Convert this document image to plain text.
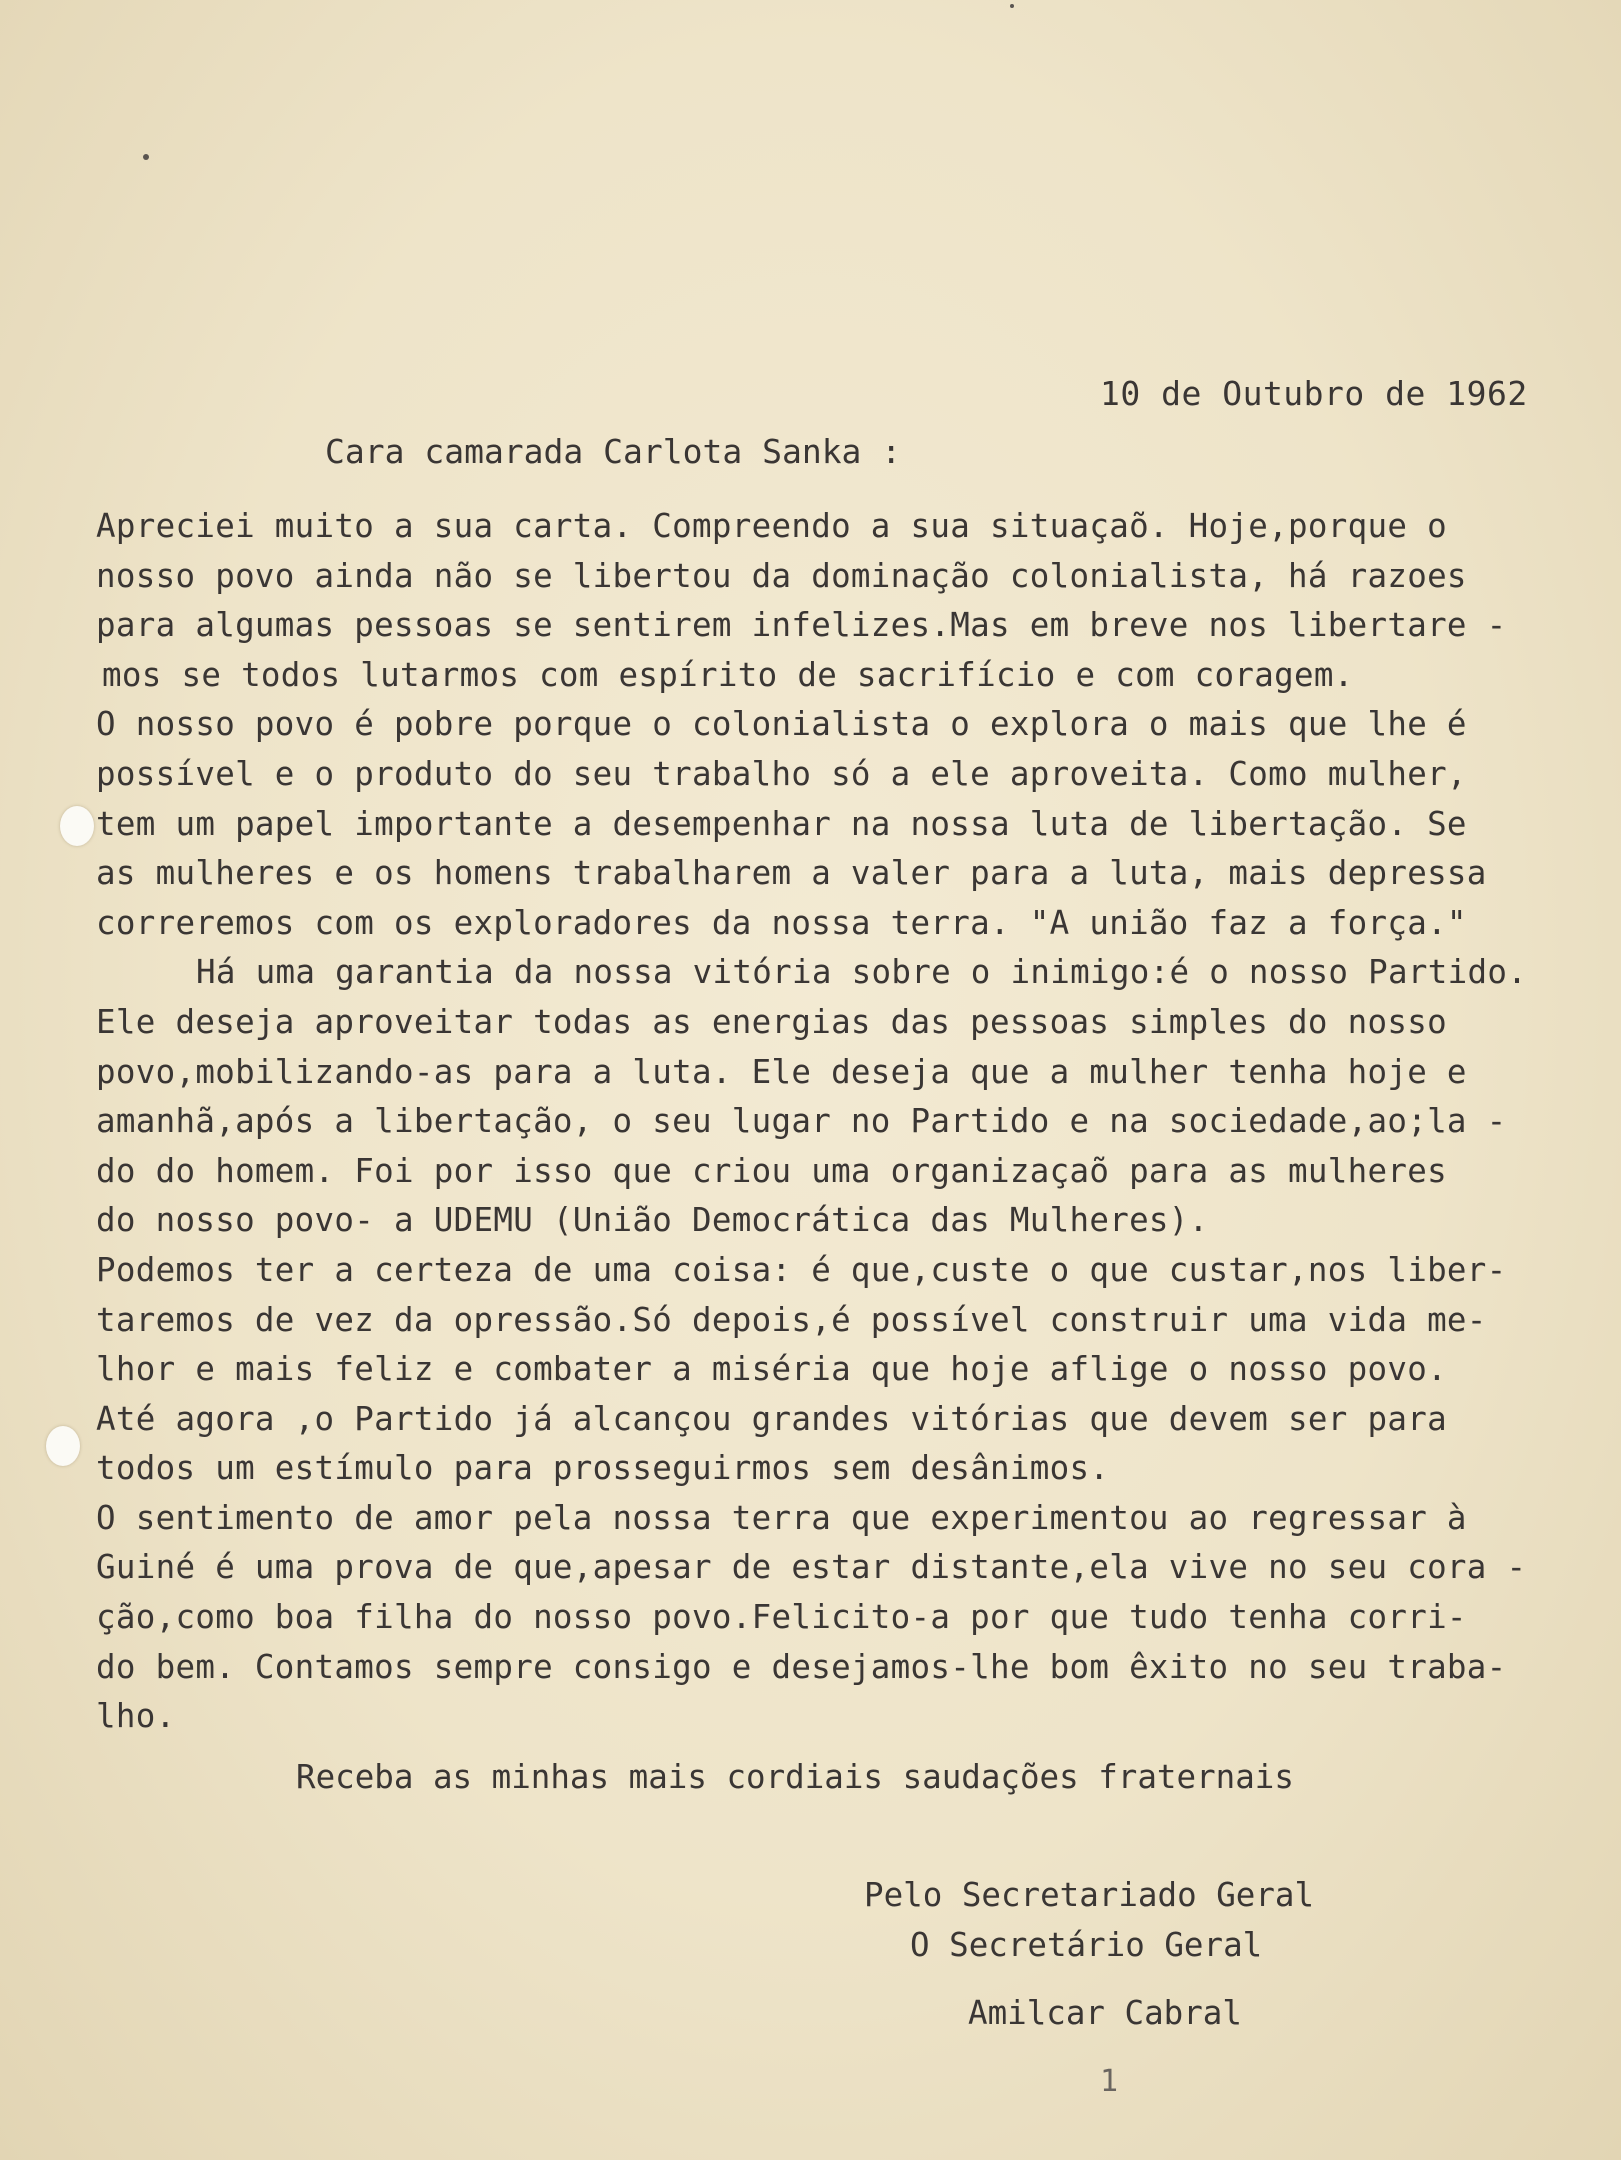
10 de Outubro de 1962
Cara camarada Carlota Sanka :
Apreciei muito a sua carta. Compreendo a sua situaçaõ. Hoje,porque o
nosso povo ainda não se libertou da dominação colonialista, há razoes
para algumas pessoas se sentirem infelizes.Mas em breve nos libertare -
mos se todos lutarmos com espírito de sacrifício e com coragem.
O nosso povo é pobre porque o colonialista o explora o mais que lhe é
possível e o produto do seu trabalho só a ele aproveita. Como mulher,
tem um papel importante a desempenhar na nossa luta de libertação. Se
as mulheres e os homens trabalharem a valer para a luta, mais depressa
correremos com os exploradores da nossa terra. "A união faz a força."
Há uma garantia da nossa vitória sobre o inimigo:é o nosso Partido.
Ele deseja aproveitar todas as energias das pessoas simples do nosso
povo,mobilizando-as para a luta. Ele deseja que a mulher tenha hoje e
amanhã,após a libertação, o seu lugar no Partido e na sociedade,ao;la -
do do homem. Foi por isso que criou uma organizaçaõ para as mulheres
do nosso povo- a UDEMU (União Democrática das Mulheres).
Podemos ter a certeza de uma coisa: é que,custe o que custar,nos liber-
taremos de vez da opressão.Só depois,é possível construir uma vida me-
lhor e mais feliz e combater a miséria que hoje aflige o nosso povo.
Até agora ,o Partido já alcançou grandes vitórias que devem ser para
todos um estímulo para prosseguirmos sem desânimos.
O sentimento de amor pela nossa terra que experimentou ao regressar à
Guiné é uma prova de que,apesar de estar distante,ela vive no seu cora -
ção,como boa filha do nosso povo.Felicito-a por que tudo tenha corri-
do bem. Contamos sempre consigo e desejamos-lhe bom êxito no seu traba-
lho.
Receba as minhas mais cordiais saudações fraternais
Pelo Secretariado Geral
O Secretário Geral
Amilcar Cabral
1
